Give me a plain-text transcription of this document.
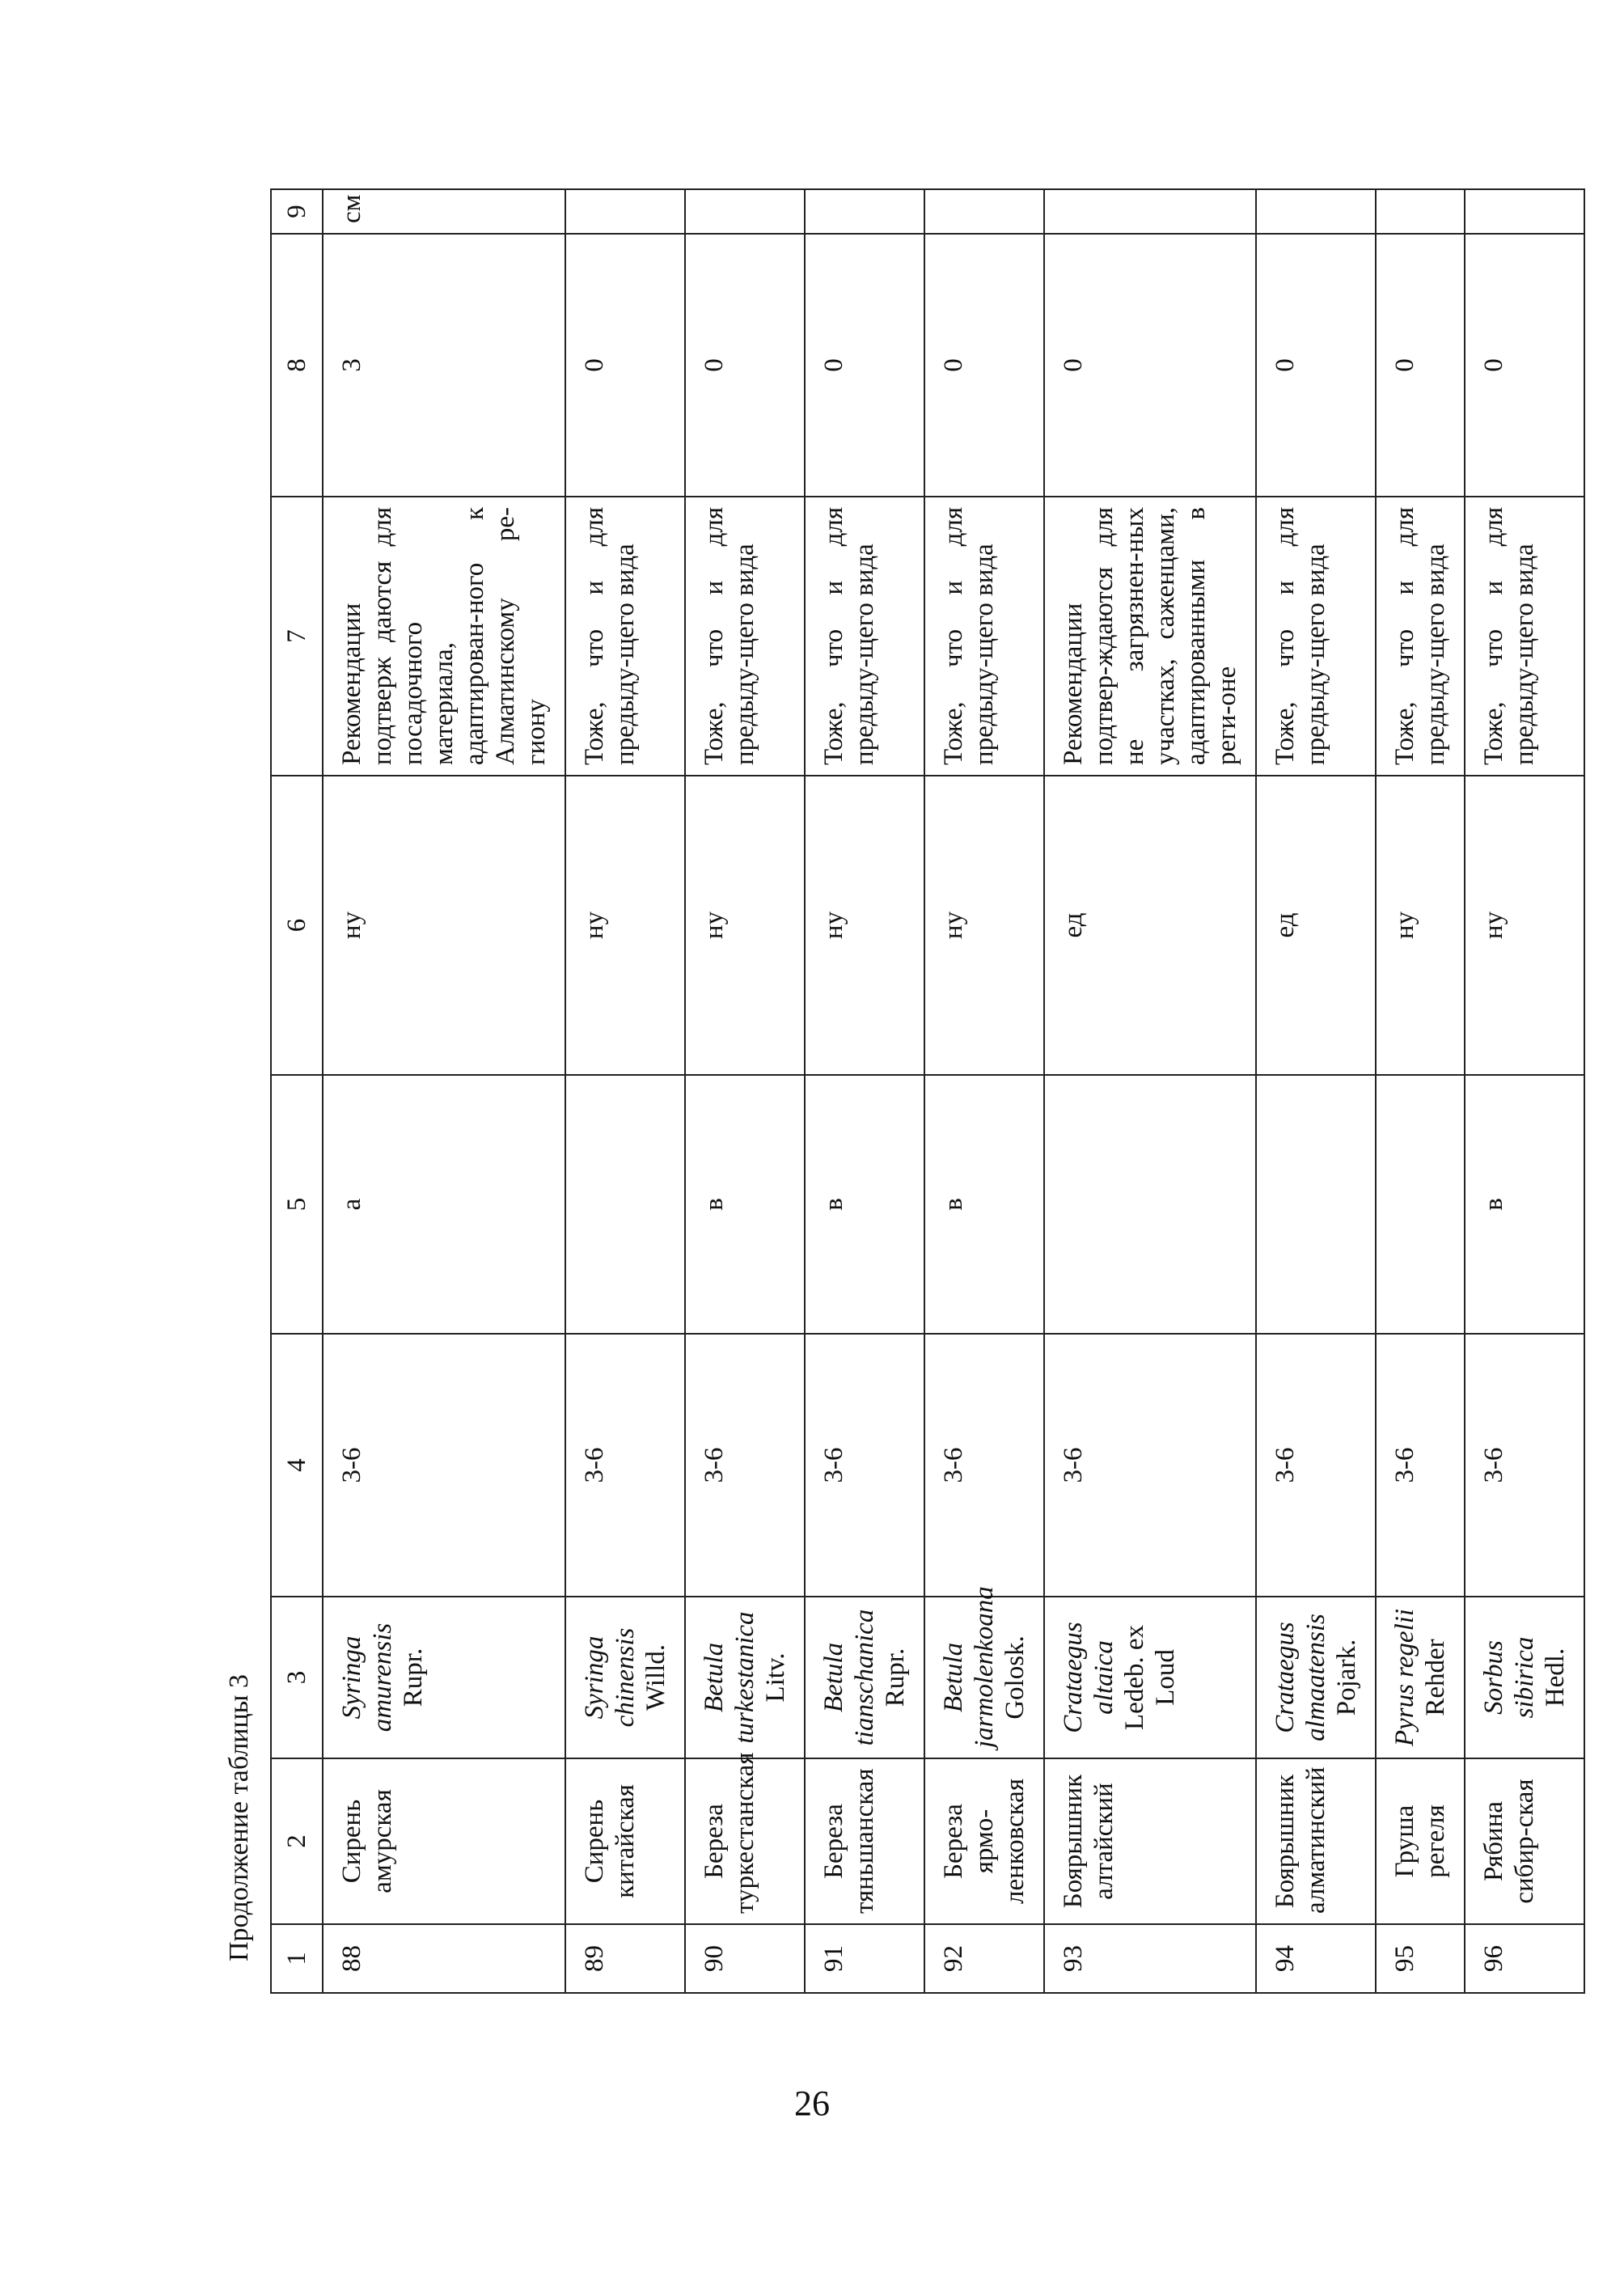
Продолжение таблицы 3 1	2	3	4	5	6	7	8	9
88	Сирень амурская	Syringa amurensis Rupr.	3-6	а	ну	Рекомендации подтверж даются для посадочного материала, адаптирован-ного к Алматинскому ре-гиону	3	см
89	Сирень китайская	Syringa chinensis Willd.	3-6		ну	Тоже, что и для предыду-щего вида	0	
90	Береза туркестанская	Betula turkestanica Litv.	3-6	в	ну	Тоже, что и для предыду-щего вида	0	
91	Береза тяньшанская	Betula tianschanica Rupr.	3-6	в	ну	Тоже, что и для предыду-щего вида	0	
92	Береза ярмо-ленковская	Betula jarmolenkoana Golosk.	3-6	в	ну	Тоже, что и для предыду-щего вида	0	
93	Боярышник алтайский	Crataegus altaica Ledeb. ex Loud	3-6		ед	Рекомендации подтвер-ждаются для не загрязнен-ных участках, саженцами, адаптированными в реги-оне	0	
94	Боярышник алматинский	Crataegus almaatensis Pojark.	3-6		ед	Тоже, что и для предыду-щего вида	0	
95	Груша регеля	Pyrus regelii Rehder	3-6		ну	Тоже, что и для предыду-щего вида	0	
96	Рябина сибир-ская	Sorbus sibirica Hedl.	3-6	в	ну	Тоже, что и для предыду-щего вида	0	
26
